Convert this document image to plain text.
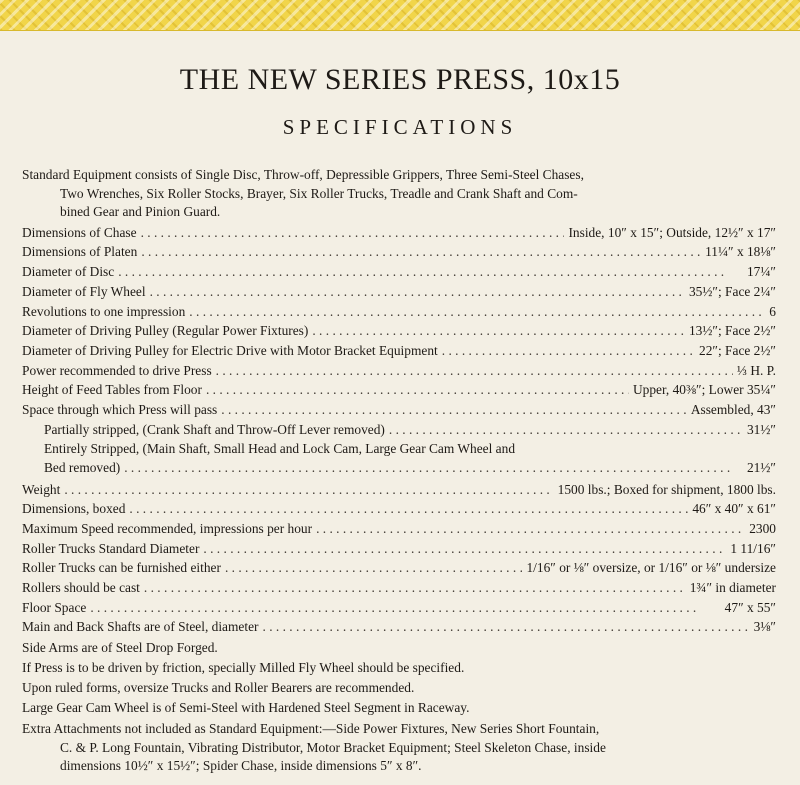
THE NEW SERIES PRESS, 10x15
SPECIFICATIONS

Standard Equipment consists of Single Disc, Throw-off, Depressible Grippers, Three Semi-Steel Chases,
Two Wrenches, Six Roller Stocks, Brayer, Six Roller Trucks, Treadle and Crank Shaft and Com-
bined Gear and Pinion Guard.

Dimensions of Chase . . .	Inside, 10″ x 15″; Outside, 12½″ x 17″
Dimensions of Platen . . .	11¼″ x 18⅛″
Diameter of Disc . . .	17¼″
Diameter of Fly Wheel . . .	35½″; Face 2¼″
Revolutions to one impression . . .	6
Diameter of Driving Pulley (Regular Power Fixtures) . . .	13½″; Face 2½″
Diameter of Driving Pulley for Electric Drive with Motor Bracket Equipment . . .	22″; Face 2½″
Power recommended to drive Press . . .	⅓ H. P.
Height of Feed Tables from Floor . . .	Upper, 40⅜″; Lower 35¼″
Space through which Press will pass . . .	Assembled, 43″
Partially stripped, (Crank Shaft and Throw-Off Lever removed) . . .	31½″
Entirely Stripped, (Main Shaft, Small Head and Lock Cam, Large Gear Cam Wheel and
Bed removed) . . .	21½″
Weight . . .	1500 lbs.; Boxed for shipment, 1800 lbs.
Dimensions, boxed . . .	46″ x 40″ x 61″
Maximum Speed recommended, impressions per hour . . .	2300
Roller Trucks Standard Diameter . . .	1 11/16″
Roller Trucks can be furnished either . . .	1/16″ or ⅛″ oversize, or 1/16″ or ⅛″ undersize
Rollers should be cast . . .	1¾″ in diameter
Floor Space . . .	47″ x 55″
Main and Back Shafts are of Steel, diameter . . .	3⅛″

Side Arms are of Steel Drop Forged.

If Press is to be driven by friction, specially Milled Fly Wheel should be specified.

Upon ruled forms, oversize Trucks and Roller Bearers are recommended.

Large Gear Cam Wheel is of Semi-Steel with Hardened Steel Segment in Raceway.

Extra Attachments not included as Standard Equipment:—Side Power Fixtures, New Series Short Fountain,
C. & P. Long Fountain, Vibrating Distributor, Motor Bracket Equipment; Steel Skeleton Chase, inside
dimensions 10½″ x 15½″; Spider Chase, inside dimensions 5″ x 8″.
